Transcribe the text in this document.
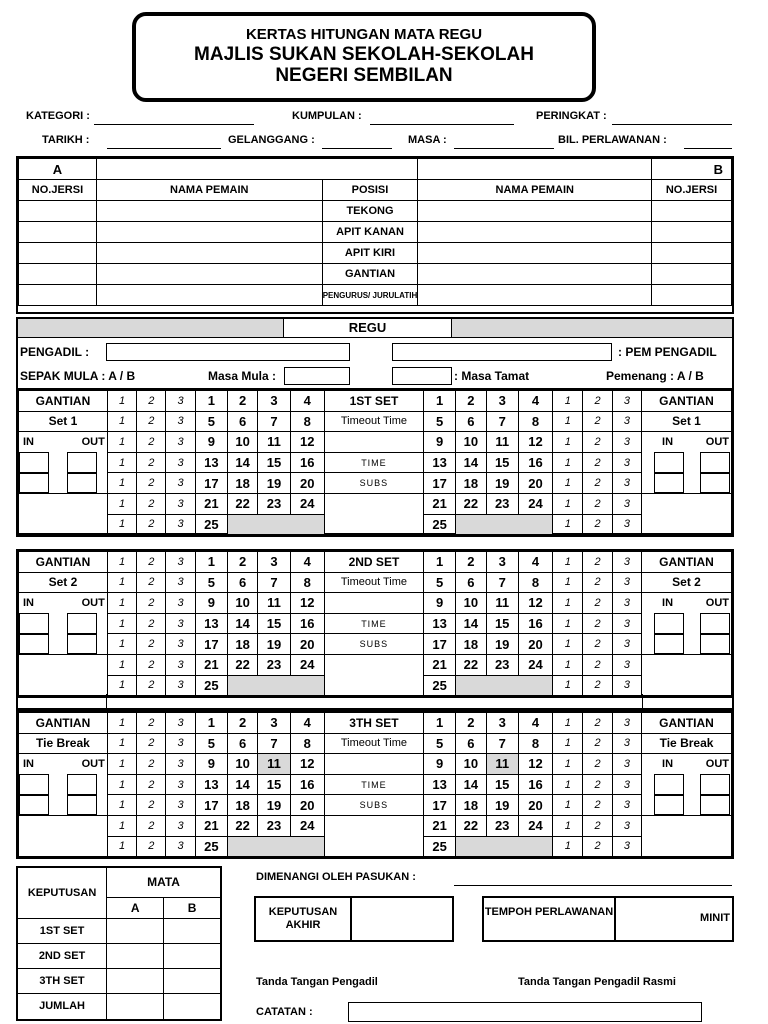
KERTAS HITUNGAN MATA REGU
MAJLIS SUKAN SEKOLAH-SEKOLAH
NEGERI SEMBILAN
KATEGORI :	KUMPULAN :	PERINGKAT :
TARIKH :	GELANGGANG :	MASA :	BIL. PERLAWANAN :
A				B
NO.JERSI	NAMA PEMAIN	POSISI	NAMA PEMAIN	NO.JERSI
		TEKONG		
		APIT KANAN		
		APIT KIRI		
		GANTIAN		
		PENGURUS/ JURULATIH		
REGU
PENGADIL :	: PEM PENGADIL
SEPAK MULA : A / B	Masa Mula :	: Masa Tamat	Pemenang : A / B
GANTIAN	1	2	3	1	2	3	4	1ST SET	1	2	3	4	1	2	3	GANTIAN
Set 1	1	2	3	5	6	7	8	Timeout Time	5	6	7	8	1	2	3	Set 1

IN OUT	1	2	3	9	10	11	12		9	10	11	12	1	2	3	IN OUT

	1	2	3	13	14	15	16	TIME	13	14	15	16	1	2	3	

	1	2	3	17	18	19	20	SUBS	17	18	19	20	1	2	3	

	1	2	3	21	22	23	24		21	22	23	24	1	2	3	
	1	2	3	25					25				1	2	3	
GANTIAN	1	2	3	1	2	3	4	2ND SET	1	2	3	4	1	2	3	GANTIAN
Set 2	1	2	3	5	6	7	8	Timeout Time	5	6	7	8	1	2	3	Set 2

IN OUT	1	2	3	9	10	11	12		9	10	11	12	1	2	3	IN OUT

	1	2	3	13	14	15	16	TIME	13	14	15	16	1	2	3	

	1	2	3	17	18	19	20	SUBS	17	18	19	20	1	2	3	

	1	2	3	21	22	23	24		21	22	23	24	1	2	3	
	1	2	3	25					25				1	2	3	
GANTIAN	1	2	3	1	2	3	4	3TH SET	1	2	3	4	1	2	3	GANTIAN
Tie Break	1	2	3	5	6	7	8	Timeout Time	5	6	7	8	1	2	3	Tie Break

IN OUT	1	2	3	9	10	11	12		9	10	11	12	1	2	3	IN OUT

	1	2	3	13	14	15	16	TIME	13	14	15	16	1	2	3	

	1	2	3	17	18	19	20	SUBS	17	18	19	20	1	2	3	

	1	2	3	21	22	23	24		21	22	23	24	1	2	3	
	1	2	3	25					25				1	2	3	
KEPUTUSAN	MATA	
	A	B
1ST SET		
2ND SET		
3TH SET		
JUMLAH		
DIMENANGI OLEH PASUKAN :
KEPUTUSAN AKHIR
TEMPOH PERLAWANAN	MINIT
Tanda Tangan Pengadil	Tanda Tangan Pengadil Rasmi
CATATAN :
